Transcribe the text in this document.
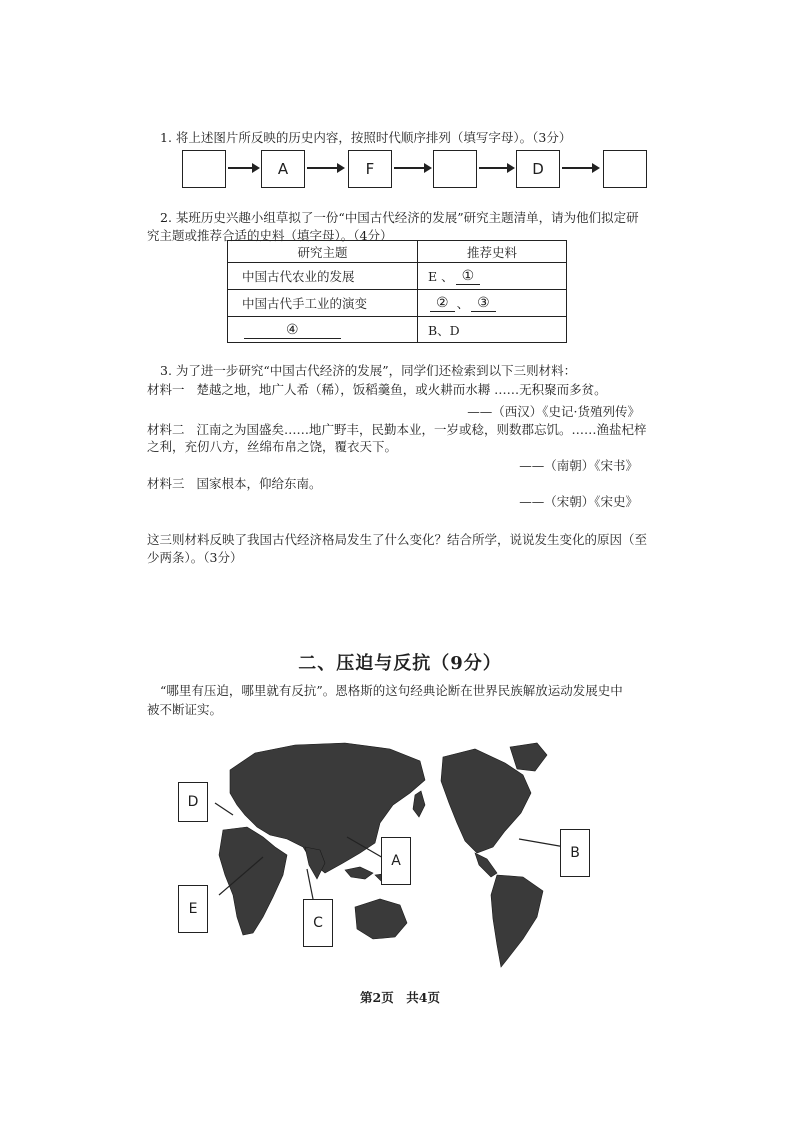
1. 将上述图片所反映的历史内容，按照时代顺序排列（填写字母）。（3分）
A	F	D
2. 某班历史兴趣小组草拟了一份“中国古代经济的发展”研究主题清单，请为他们拟定研
究主题或推荐合适的史料（填字母）。（4分）
研究主题	推荐史料
中国古代农业的发展	E 、 ①
中国古代手工业的演变	② 、 ③
④	B、D
3. 为了进一步研究“中国古代经济的发展”，同学们还检索到以下三则材料：
材料一 楚越之地，地广人希（稀），饭稻羹鱼，或火耕而水耨 ……无积聚而多贫。
——（西汉）《史记·货殖列传》
材料二 江南之为国盛矣……地广野丰，民勤本业，一岁或稔，则数郡忘饥。……渔盐杞梓
之利，充仞八方，丝绵布帛之饶，覆衣天下。
——（南朝）《宋书》
材料三 国家根本，仰给东南。
——（宋朝）《宋史》
这三则材料反映了我国古代经济格局发生了什么变化？结合所学，说说发生变化的原因（至
少两条）。（3分）
二、压迫与反抗（9分）
“哪里有压迫，哪里就有反抗”。恩格斯的这句经典论断在世界民族解放运动发展史中
被不断证实。
D
E
C
A	B
第2页　共4页
